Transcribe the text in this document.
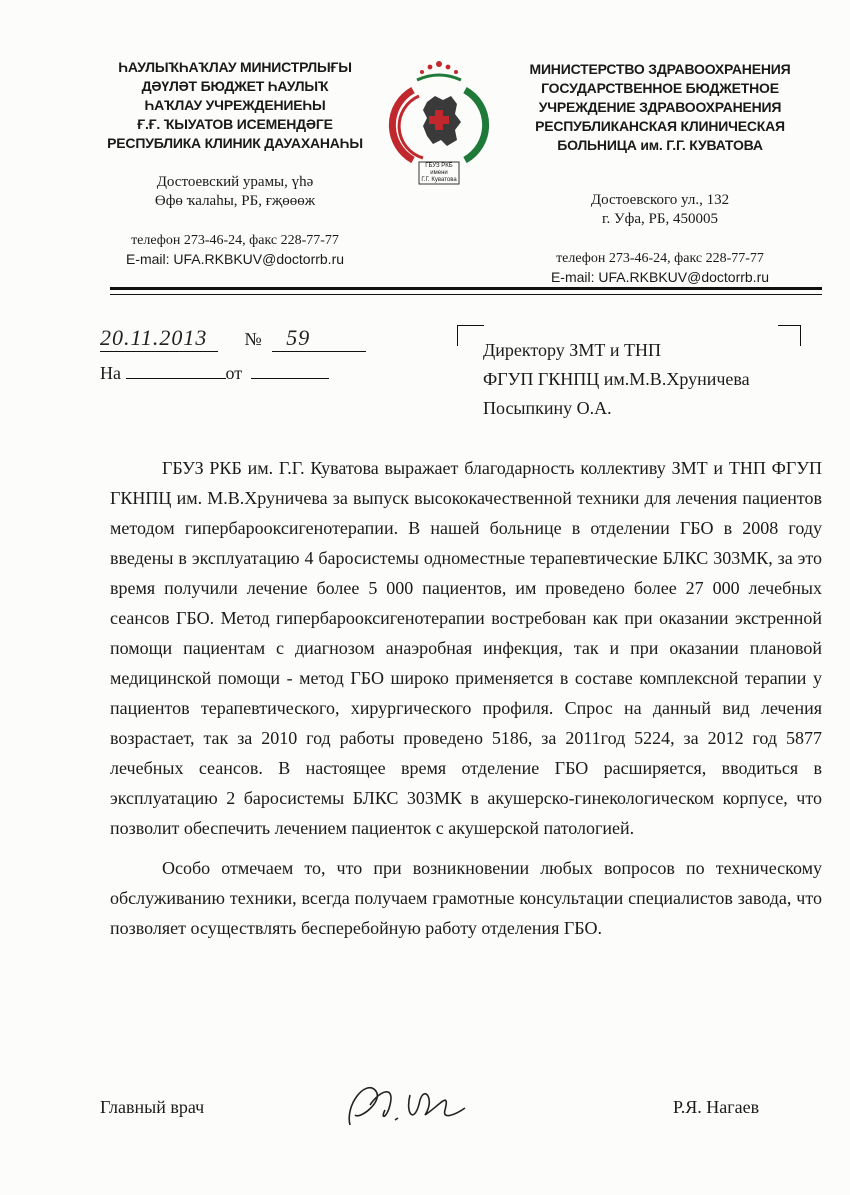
ҺАУЛЫҠҺАҠЛАУ МИНИСТРЛЫҒЫ

ДӘҮЛӘТ БЮДЖЕТ ҺАУЛЫҠ

ҺАҠЛАУ УЧРЕЖДЕНИЕҺЫ

Ғ.Ғ. ҠЫУАТОВ ИСЕМЕНДӘГЕ

РЕСПУБЛИКА КЛИНИК ДАУАХАНАҺЫ

Достоевский урамы, үһә

Өфө ҡалаһы, РБ, ғҗөөөж

телефон 273-46-24, факс 228-77-77

E-mail: UFA.RKBKUV@doctorrb.ru

ГБУЗ РКБ
имени
Г.Г. Куватова

МИНИСТЕРСТВО ЗДРАВООХРАНЕНИЯ

ГОСУДАРСТВЕННОЕ БЮДЖЕТНОЕ

УЧРЕЖДЕНИЕ ЗДРАВООХРАНЕНИЯ

РЕСПУБЛИКАНСКАЯ КЛИНИЧЕСКАЯ

БОЛЬНИЦА им. Г.Г. КУВАТОВА

Достоевского ул., 132

г. Уфа, РБ, 450005

телефон 273-46-24, факс 228-77-77

E-mail: UFA.RKBKUV@doctorrb.ru

20.11.2013 № 59
На	от
Директору ЗМТ и ТНП
ФГУП ГКНПЦ им.М.В.Хруничева
Посыпкину О.А.

ГБУЗ РКБ им. Г.Г. Куватова выражает благодарность коллективу ЗМТ и ТНП ФГУП ГКНПЦ им. М.В.Хруничева за выпуск высококачественной техники для лечения пациентов методом гипербарооксигенотерапии. В нашей больнице в отделении ГБО в 2008 году введены в эксплуатацию 4 баросистемы одноместные терапевтические БЛКС 303МК, за это время получили лечение более 5 000 пациентов, им проведено более 27 000 лечебных сеансов ГБО. Метод гипербарооксигенотерапии востребован как при оказании экстренной помощи пациентам с диагнозом анаэробная инфекция, так и при оказании плановой медицинской помощи - метод ГБО широко применяется в составе комплексной терапии у пациентов терапевтического, хирургического профиля. Спрос на данный вид лечения возрастает, так за 2010 год работы проведено 5186, за 2011год 5224, за 2012 год 5877 лечебных сеансов. В настоящее время отделение ГБО расширяется, вводиться в эксплуатацию 2 баросистемы БЛКС 303МК в акушерско-гинекологическом корпусе, что позволит обеспечить лечением пациенток с акушерской патологией.

Особо отмечаем то, что при возникновении любых вопросов по техническому обслуживанию техники, всегда получаем грамотные консультации специалистов завода, что позволяет осуществлять бесперебойную работу отделения ГБО.

Главный врач	Р.Я. Нагаев
